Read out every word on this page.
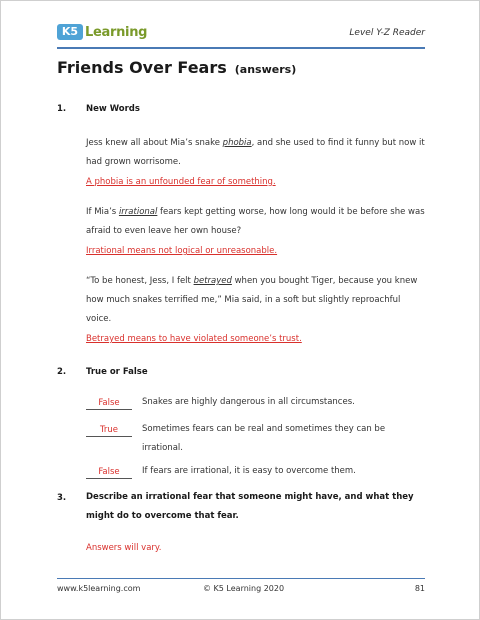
K5 Learning	Level Y-Z Reader
Friends Over Fears (answers)
1. New Words

Jess knew all about Mia’s snake phobia, and she used to find it funny but now it had grown worrisome.

A phobia is an unfounded fear of something.

If Mia’s irrational fears kept getting worse, how long would it be before she was afraid to even leave her own house?

Irrational means not logical or unreasonable.

“To be honest, Jess, I felt betrayed when you bought Tiger, because you knew how much snakes terrified me,” Mia said, in a soft but slightly reproachful voice.

Betrayed means to have violated someone’s trust.

2. True or False
False	Snakes are highly dangerous in all circumstances.
True	Sometimes fears can be real and sometimes they can be irrational.
False	If fears are irrational, it is easy to overcome them.
3.	Describe an irrational fear that someone might have, and what they might do to overcome that fear.

Answers will vary.

www.k5learning.com	© K5 Learning 2020	81
